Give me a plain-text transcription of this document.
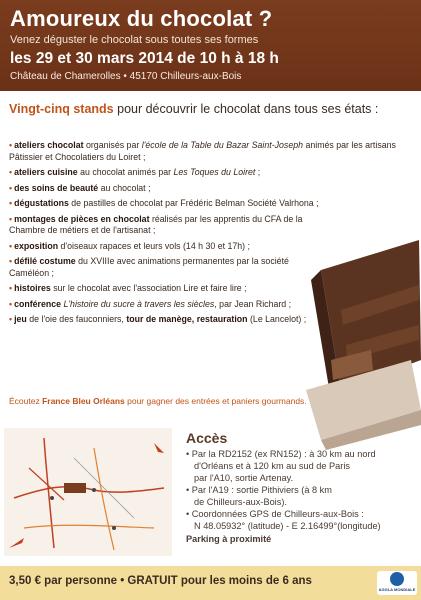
Amoureux du chocolat ?
Venez déguster le chocolat sous toutes ses formes
les 29 et 30 mars 2014 de 10 h à 18 h
Château de Chamerolles • 45170 Chilleurs-aux-Bois
Vingt-cinq stands pour découvrir le chocolat dans tous ses états :
• ateliers chocolat organisés par l'école de la Table du Bazar Saint-Joseph animés par les artisans Pâtissier et Chocolatiers du Loiret ;
• ateliers cuisine au chocolat animés par Les Toques du Loiret ;
• des soins de beauté au chocolat ;
• dégustations de pastilles de chocolat par Frédéric Belman Société Valrhona ;
• montages de pièces en chocolat réalisés par les apprentis du CFA de la Chambre de métiers et de l'artisanat ;
• exposition d'oiseaux rapaces et leurs vols (14 h 30 et 17h) ;
• défilé costume du XVIIIe avec animations permanentes par la société Caméléon ;
• histoires sur le chocolat avec l'association Lire et faire lire ;
• conférence L'histoire du sucre à travers les siècles, par Jean Richard ;
• jeu de l'oie des fauconniers, tour de manège, restauration (Le Lancelot) ;
Écoutez France Bleu Orléans pour gagner des entrées et paniers gourmands.
Accès
• Par la RD2152 (ex RN152) : à 30 km au nord
d'Orléans et à 120 km au sud de Paris
par l'A10, sortie Artenay.
• Par l'A19 : sortie Pithiviers (à 8 km
de Chilleurs-aux-Bois).
• Coordonnées GPS de Chilleurs-aux-Bois :
N 48.05932° (latitude) - E 2.16499°(longitude)
Parking à proximité
3,50 € par personne • GRATUIT pour les moins de 6 ans
AGGLA MONDIALE
